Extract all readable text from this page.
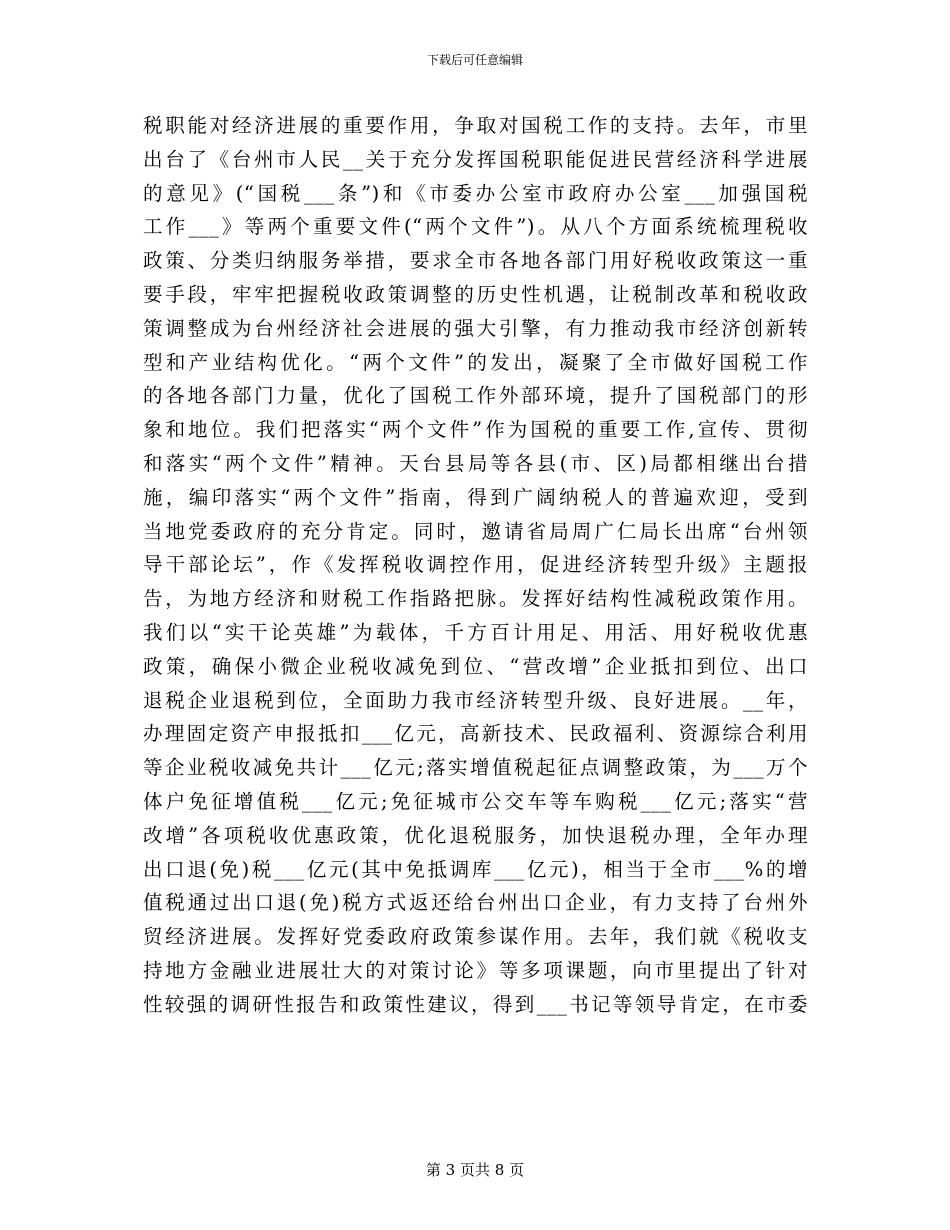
下载后可任意编辑
税职能对经济进展的重要作用，争取对国税工作的支持。去年，市里
出台了《台州市人民__关于充分发挥国税职能促进民营经济科学进展
的意见》(“国税___条”)和《市委办公室市政府办公室___加强国税
工作___》等两个重要文件(“两个文件”)。从八个方面系统梳理税收
政策、分类归纳服务举措，要求全市各地各部门用好税收政策这一重
要手段，牢牢把握税收政策调整的历史性机遇，让税制改革和税收政
策调整成为台州经济社会进展的强大引擎，有力推动我市经济创新转
型和产业结构优化。“两个文件”的发出，凝聚了全市做好国税工作
的各地各部门力量，优化了国税工作外部环境，提升了国税部门的形
象和地位。我们把落实“两个文件”作为国税的重要工作,宣传、贯彻
和落实“两个文件”精神。天台县局等各县(市、区)局都相继出台措
施，编印落实“两个文件”指南，得到广阔纳税人的普遍欢迎，受到
当地党委政府的充分肯定。同时，邀请省局周广仁局长出席“台州领
导干部论坛”，作《发挥税收调控作用，促进经济转型升级》主题报
告，为地方经济和财税工作指路把脉。发挥好结构性减税政策作用。
我们以“实干论英雄”为载体，千方百计用足、用活、用好税收优惠
政策，确保小微企业税收减免到位、“营改增”企业抵扣到位、出口
退税企业退税到位，全面助力我市经济转型升级、良好进展。__年，
办理固定资产申报抵扣___亿元，高新技术、民政福利、资源综合利用
等企业税收减免共计___亿元;落实增值税起征点调整政策，为___万个
体户免征增值税___亿元;免征城市公交车等车购税___亿元;落实“营
改增”各项税收优惠政策，优化退税服务，加快退税办理，全年办理
出口退(免)税___亿元(其中免抵调库___亿元)，相当于全市___%的增
值税通过出口退(免)税方式返还给台州出口企业，有力支持了台州外
贸经济进展。发挥好党委政府政策参谋作用。去年，我们就《税收支
持地方金融业进展壮大的对策讨论》等多项课题，向市里提出了针对
性较强的调研性报告和政策性建议，得到___书记等领导肯定，在市委
第 3 页共 8 页
